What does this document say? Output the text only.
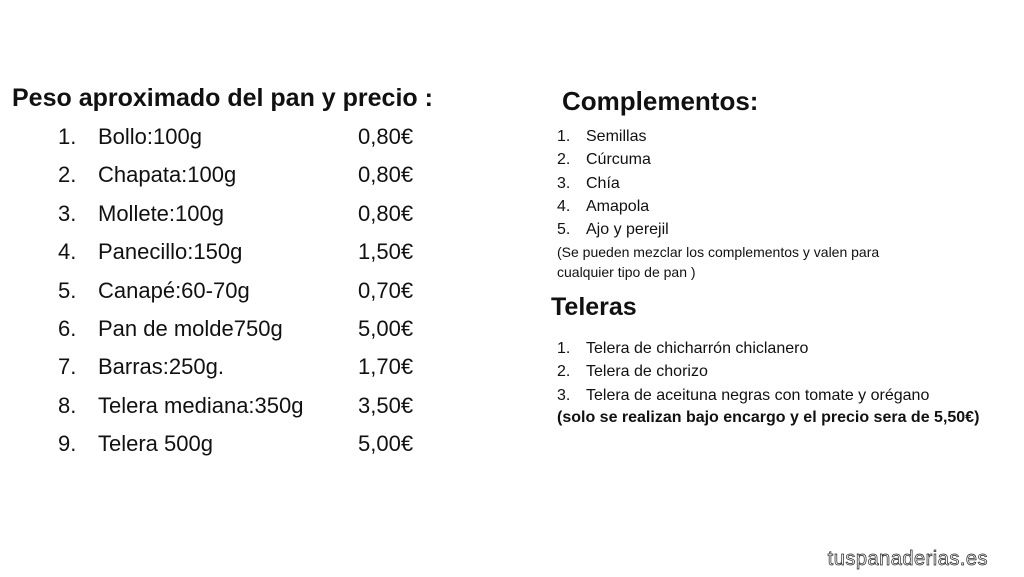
Peso aproximado del pan y precio :
1. Bollo:100g	0,80€
2. Chapata:100g	0,80€
3. Mollete:100g	0,80€
4. Panecillo:150g	1,50€
5. Canapé:60-70g	0,70€
6. Pan de molde750g	5,00€
7. Barras:250g.	1,70€
8. Telera mediana:350g 3,50€
9. Telera 500g	5,00€
Complementos:
1. Semillas
2. Cúrcuma
3. Chía
4. Amapola
5. Ajo y perejil
(Se pueden mezclar los complementos y valen para cualquier tipo de pan )
Teleras
1. Telera de chicharrón chiclanero
2. Telera de chorizo
3. Telera de aceituna negras con tomate y orégano
(solo se realizan bajo encargo y el precio sera de 5,50€)
tuspanaderias.es
